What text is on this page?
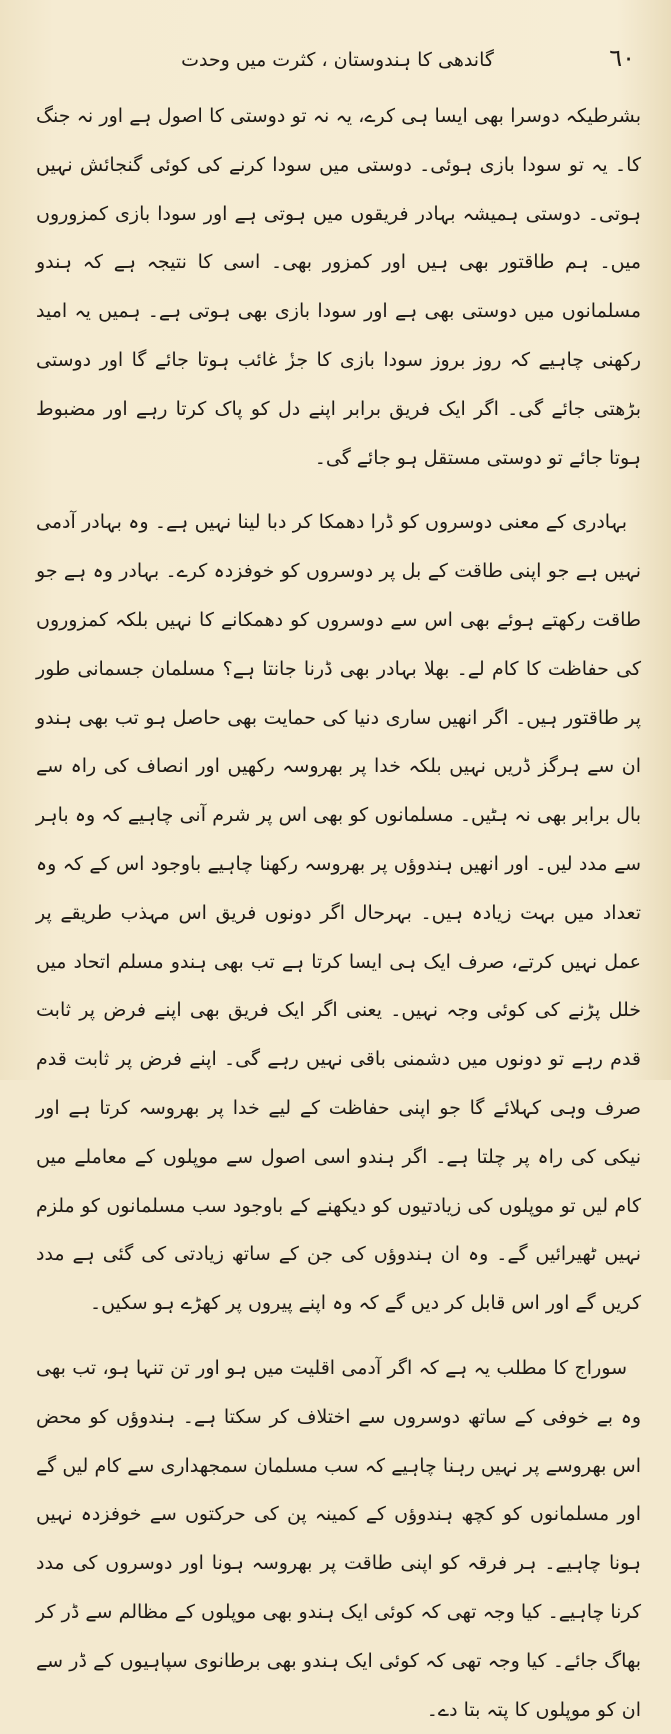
٦٠
گاندھی کا ہندوستان ، کثرت میں وحدت

بشرطیکہ دوسرا بھی ایسا ہی کرے، یہ نہ تو دوستی کا اصول ہے اور نہ جنگ کا۔ یہ تو سودا بازی ہوئی۔ دوستی میں سودا کرنے کی کوئی گنجائش نہیں ہوتی۔ دوستی ہمیشہ بہادر فریقوں میں ہوتی ہے اور سودا بازی کمزوروں میں۔ ہم طاقتور بھی ہیں اور کمزور بھی۔ اسی کا نتیجہ ہے کہ ہندو مسلمانوں میں دوستی بھی ہے اور سودا بازی بھی ہوتی ہے۔ ہمیں یہ امید رکھنی چاہیے کہ روز بروز سودا بازی کا جزٔ غائب ہوتا جائے گا اور دوستی بڑھتی جائے گی۔ اگر ایک فریق برابر اپنے دل کو پاک کرتا رہے اور مضبوط ہوتا جائے تو دوستی مستقل ہو جائے گی۔

بہادری کے معنی دوسروں کو ڈرا دھمکا کر دبا لینا نہیں ہے۔ وہ بہادر آدمی نہیں ہے جو اپنی طاقت کے بل پر دوسروں کو خوفزدہ کرے۔ بہادر وہ ہے جو طاقت رکھتے ہوئے بھی اس سے دوسروں کو دھمکانے کا نہیں بلکہ کمزوروں کی حفاظت کا کام لے۔ بھلا بہادر بھی ڈرنا جانتا ہے؟ مسلمان جسمانی طور پر طاقتور ہیں۔ اگر انھیں ساری دنیا کی حمایت بھی حاصل ہو تب بھی ہندو ان سے ہرگز ڈریں نہیں بلکہ خدا پر بھروسہ رکھیں اور انصاف کی راہ سے بال برابر بھی نہ ہٹیں۔ مسلمانوں کو بھی اس پر شرم آنی چاہیے کہ وہ باہر سے مدد لیں۔ اور انھیں ہندوؤں پر بھروسہ رکھنا چاہیے باوجود اس کے کہ وہ تعداد میں بہت زیادہ ہیں۔ بہرحال اگر دونوں فریق اس مہذب طریقے پر عمل نہیں کرتے، صرف ایک ہی ایسا کرتا ہے تب بھی ہندو مسلم اتحاد میں خلل پڑنے کی کوئی وجہ نہیں۔ یعنی اگر ایک فریق بھی اپنے فرض پر ثابت قدم رہے تو دونوں میں دشمنی باقی نہیں رہے گی۔ اپنے فرض پر ثابت قدم صرف وہی کہلائے گا جو اپنی حفاظت کے لیے خدا پر بھروسہ کرتا ہے اور نیکی کی راہ پر چلتا ہے۔ اگر ہندو اسی اصول سے موپلوں کے معاملے میں کام لیں تو موپلوں کی زیادتیوں کو دیکھنے کے باوجود سب مسلمانوں کو ملزم نہیں ٹھیرائیں گے۔ وہ ان ہندوؤں کی جن کے ساتھ زیادتی کی گئی ہے مدد کریں گے اور اس قابل کر دیں گے کہ وہ اپنے پیروں پر کھڑے ہو سکیں۔

سوراج کا مطلب یہ ہے کہ اگر آدمی اقلیت میں ہو اور تن تنہا ہو، تب بھی وہ بے خوفی کے ساتھ دوسروں سے اختلاف کر سکتا ہے۔ ہندوؤں کو محض اس بھروسے پر نہیں رہنا چاہیے کہ سب مسلمان سمجھداری سے کام لیں گے اور مسلمانوں کو کچھ ہندوؤں کے کمینہ پن کی حرکتوں سے خوفزدہ نہیں ہونا چاہیے۔ ہر فرقہ کو اپنی طاقت پر بھروسہ ہونا اور دوسروں کی مدد کرنا چاہیے۔ کیا وجہ تھی کہ کوئی ایک ہندو بھی موپلوں کے مظالم سے ڈر کر بھاگ جائے۔ کیا وجہ تھی کہ کوئی ایک ہندو بھی برطانوی سپاہیوں کے ڈر سے ان کو موپلوں کا پتہ بتا دے۔
